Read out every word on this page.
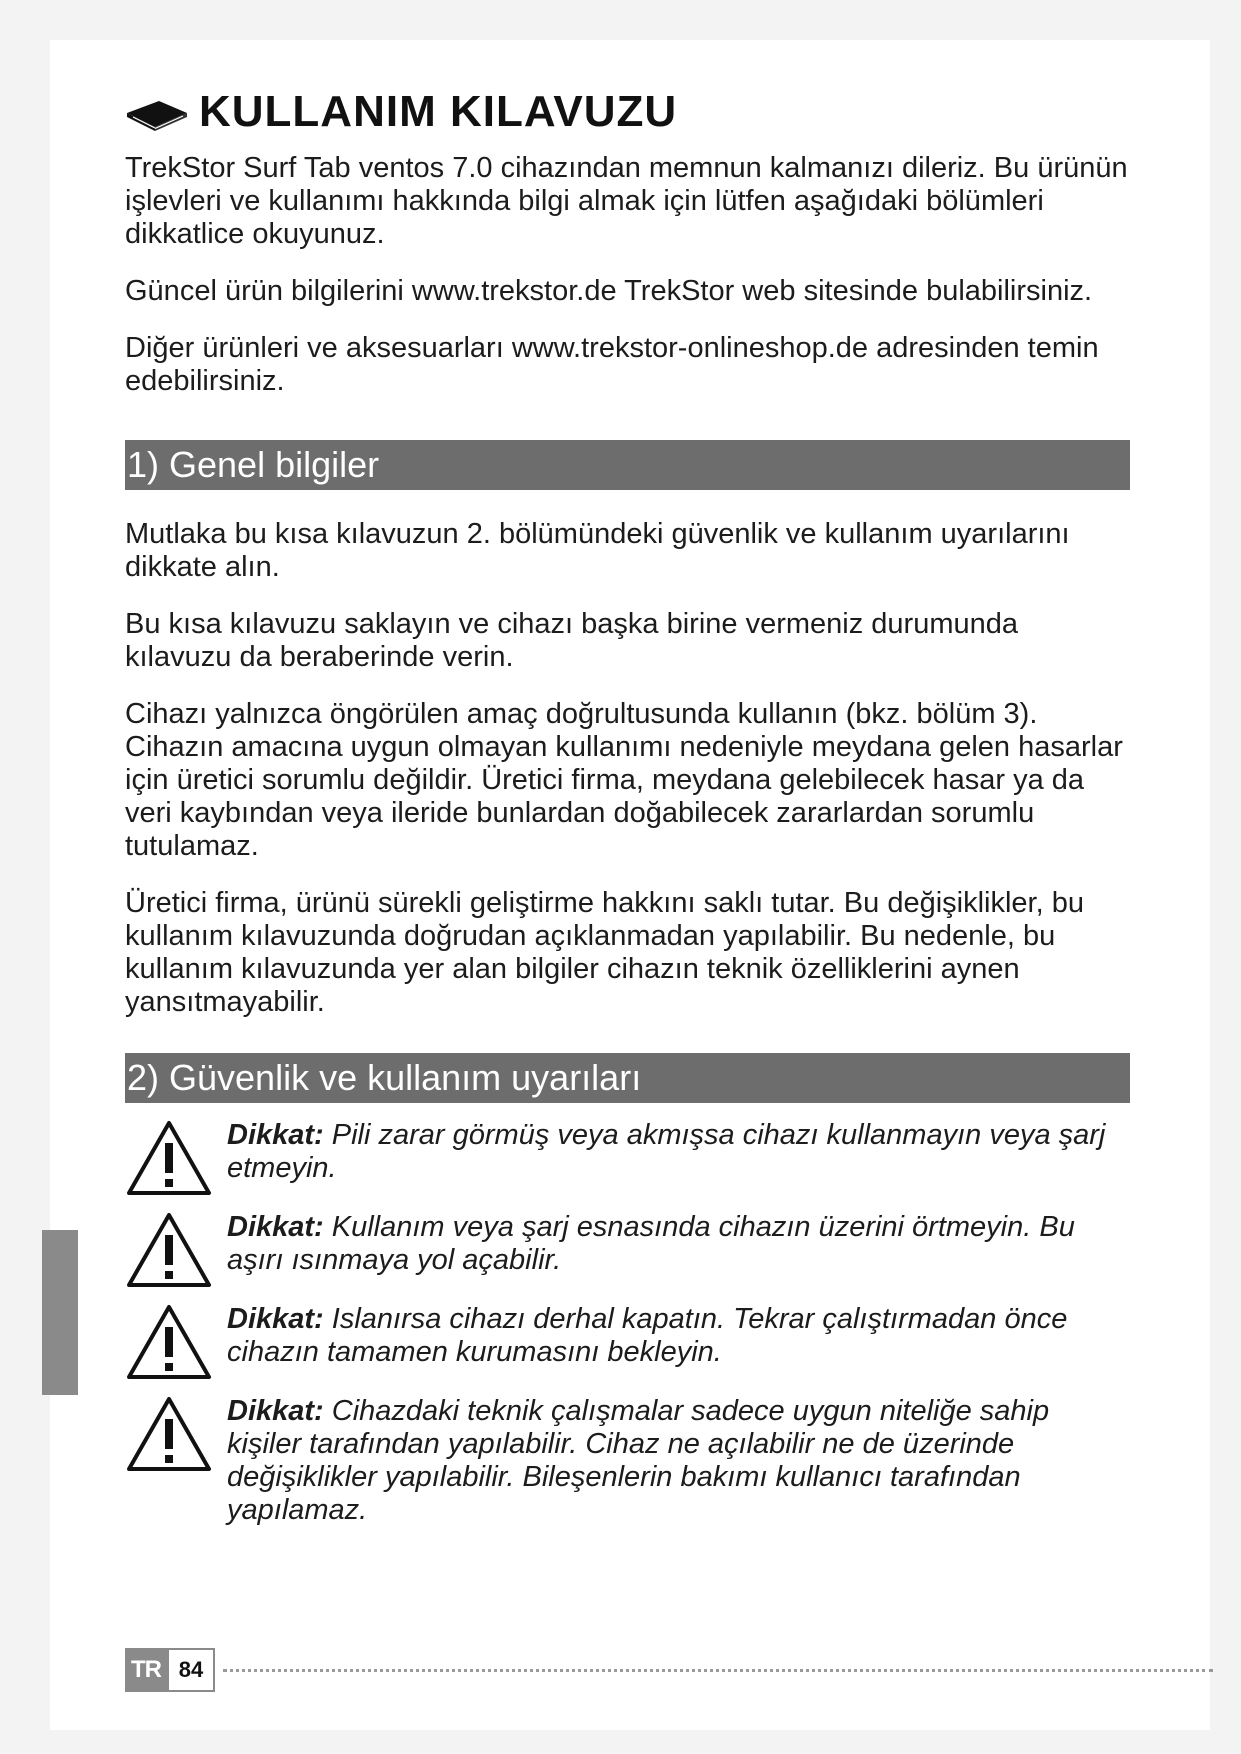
KULLANIM KILAVUZU

TrekStor Surf Tab ventos 7.0 cihazından memnun kalmanızı dileriz. Bu ürünün işlevleri ve kullanımı hakkında bilgi almak için lütfen aşağıdaki bölümleri dikkatlice okuyunuz.

Güncel ürün bilgilerini www.trekstor.de TrekStor web sitesinde bulabilirsiniz.

Diğer ürünleri ve aksesuarları www.trekstor-onlineshop.de adresinden temin edebilirsiniz.

1) Genel bilgiler

Mutlaka bu kısa kılavuzun 2. bölümündeki güvenlik ve kullanım uyarılarını dikkate alın.

Bu kısa kılavuzu saklayın ve cihazı başka birine vermeniz durumunda kılavuzu da beraberinde verin.

Cihazı yalnızca öngörülen amaç doğrultusunda kullanın (bkz. bölüm 3). Cihazın amacına uygun olmayan kullanımı nedeniyle meydana gelen hasarlar için üretici sorumlu değildir. Üretici firma, meydana gelebilecek hasar ya da veri kaybından veya ileride bunlardan doğabilecek zararlardan sorumlu tutulamaz.

Üretici firma, ürünü sürekli geliştirme hakkını saklı tutar. Bu değişiklikler, bu kullanım kılavuzunda doğrudan açıklanmadan yapılabilir. Bu nedenle, bu kullanım kılavuzunda yer alan bilgiler cihazın teknik özelliklerini aynen yansıtmayabilir.

2) Güvenlik ve kullanım uyarıları

Dikkat: Pili zarar görmüş veya akmışsa cihazı kullanmayın veya şarj etmeyin.

Dikkat: Kullanım veya şarj esnasında cihazın üzerini örtmeyin. Bu aşırı ısınmaya yol açabilir.

Dikkat: Islanırsa cihazı derhal kapatın. Tekrar çalıştırmadan önce cihazın tamamen kurumasını bekleyin.

Dikkat: Cihazdaki teknik çalışmalar sadece uygun niteliğe sahip kişiler tarafından yapılabilir. Cihaz ne açılabilir ne de üzerinde değişiklikler yapılabilir. Bileşenlerin bakımı kullanıcı tarafından yapılamaz.

TR 84
